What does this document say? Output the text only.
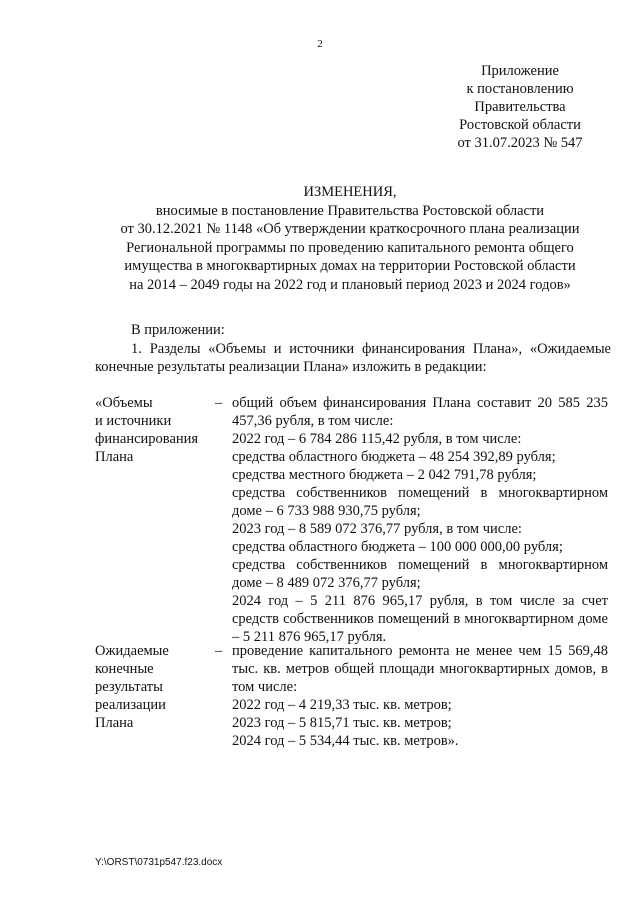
2
Приложение
к постановлению
Правительства
Ростовской области
от 31.07.2023 № 547
ИЗМЕНЕНИЯ,
вносимые в постановление Правительства Ростовской области
от 30.12.2021 № 1148 «Об утверждении краткосрочного плана реализации
Региональной программы по проведению капитального ремонта общего
имущества в многоквартирных домах на территории Ростовской области
на 2014 – 2049 годы на 2022 год и плановый период 2023 и 2024 годов»
В приложении:
1. Разделы «Объемы и источники финансирования Плана», «Ожидаемые конечные результаты реализации Плана» изложить в редакции:
«Объемы
и источники
финансирования
Плана
– общий объем финансирования Плана составит 20 585 235 457,36 рубля, в том числе:

2022 год – 6 784 286 115,42 рубля, в том числе:

средства областного бюджета – 48 254 392,89 рубля;

средства местного бюджета – 2 042 791,78 рубля;

средства собственников помещений в многоквартирном доме – 6 733 988 930,75 рубля;

2023 год – 8 589 072 376,77 рубля, в том числе:

средства областного бюджета – 100 000 000,00 рубля;

средства собственников помещений в многоквартирном доме – 8 489 072 376,77 рубля;

2024 год – 5 211 876 965,17 рубля, в том числе за счет средств собственников помещений в многоквартирном доме – 5 211 876 965,17 рубля.

Ожидаемые
конечные
результаты
реализации
Плана
– проведение капитального ремонта не менее чем 15 569,48 тыс. кв. метров общей площади многоквартирных домов, в том числе:

2022 год – 4 219,33 тыс. кв. метров;

2023 год – 5 815,71 тыс. кв. метров;

2024 год – 5 534,44 тыс. кв. метров».

Y:\ORST\0731p547.f23.docx
